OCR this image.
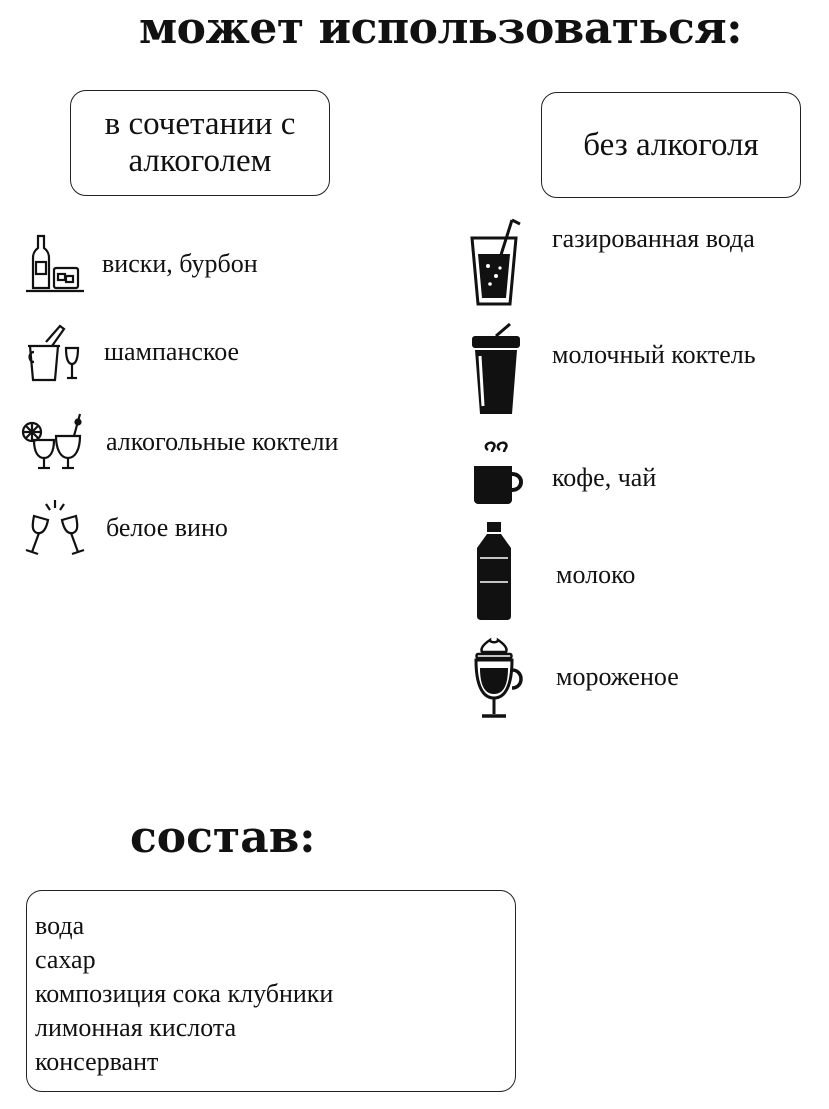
может использоваться:
в сочетании с алкоголем	без алкоголя
виски, бурбон
шампанское
алкогольные коктели
белое вино
газированная вода
молочный коктель
кофе, чай
молоко
мороженое
состав:
вода
сахар
композиция сока клубники
лимонная кислота
консервант
